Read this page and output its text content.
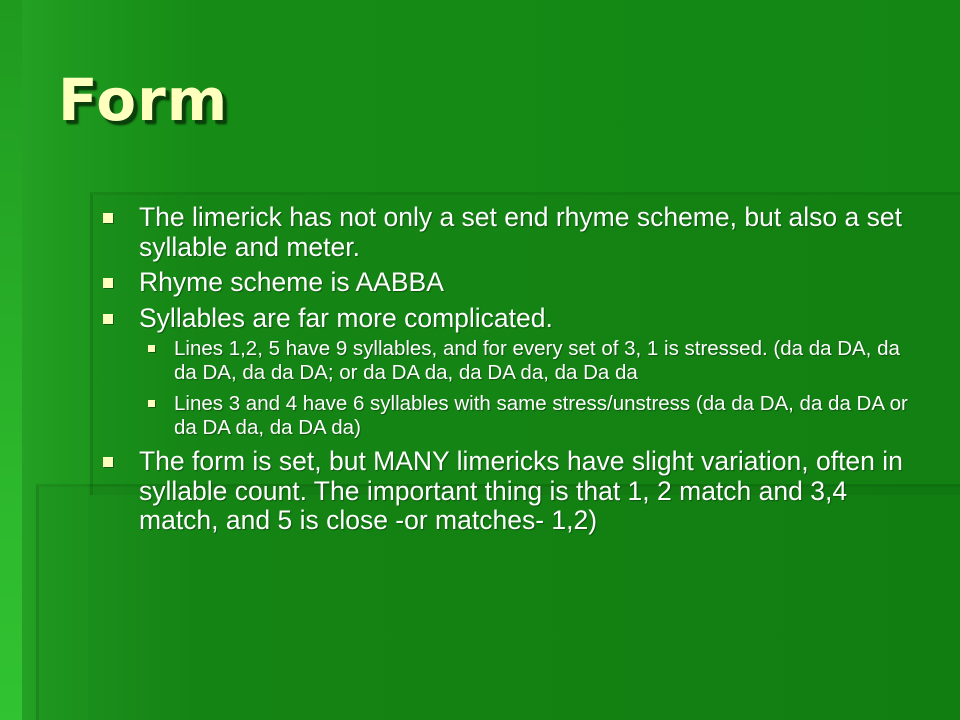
Form
The limerick has not only a set end rhyme scheme, but also a set syllable and meter.
Rhyme scheme is AABBA
Syllables are far more complicated.
Lines 1,2, 5 have 9 syllables, and for every set of 3, 1 is stressed. (da da DA, da da DA, da da DA; or da DA da, da DA da, da Da da
Lines 3 and 4 have 6 syllables with same stress/unstress (da da DA, da da DA or da DA da, da DA da)
The form is set, but MANY limericks have slight variation, often in syllable count. The important thing is that 1, 2 match and 3,4 match, and 5 is close -or matches- 1,2)
